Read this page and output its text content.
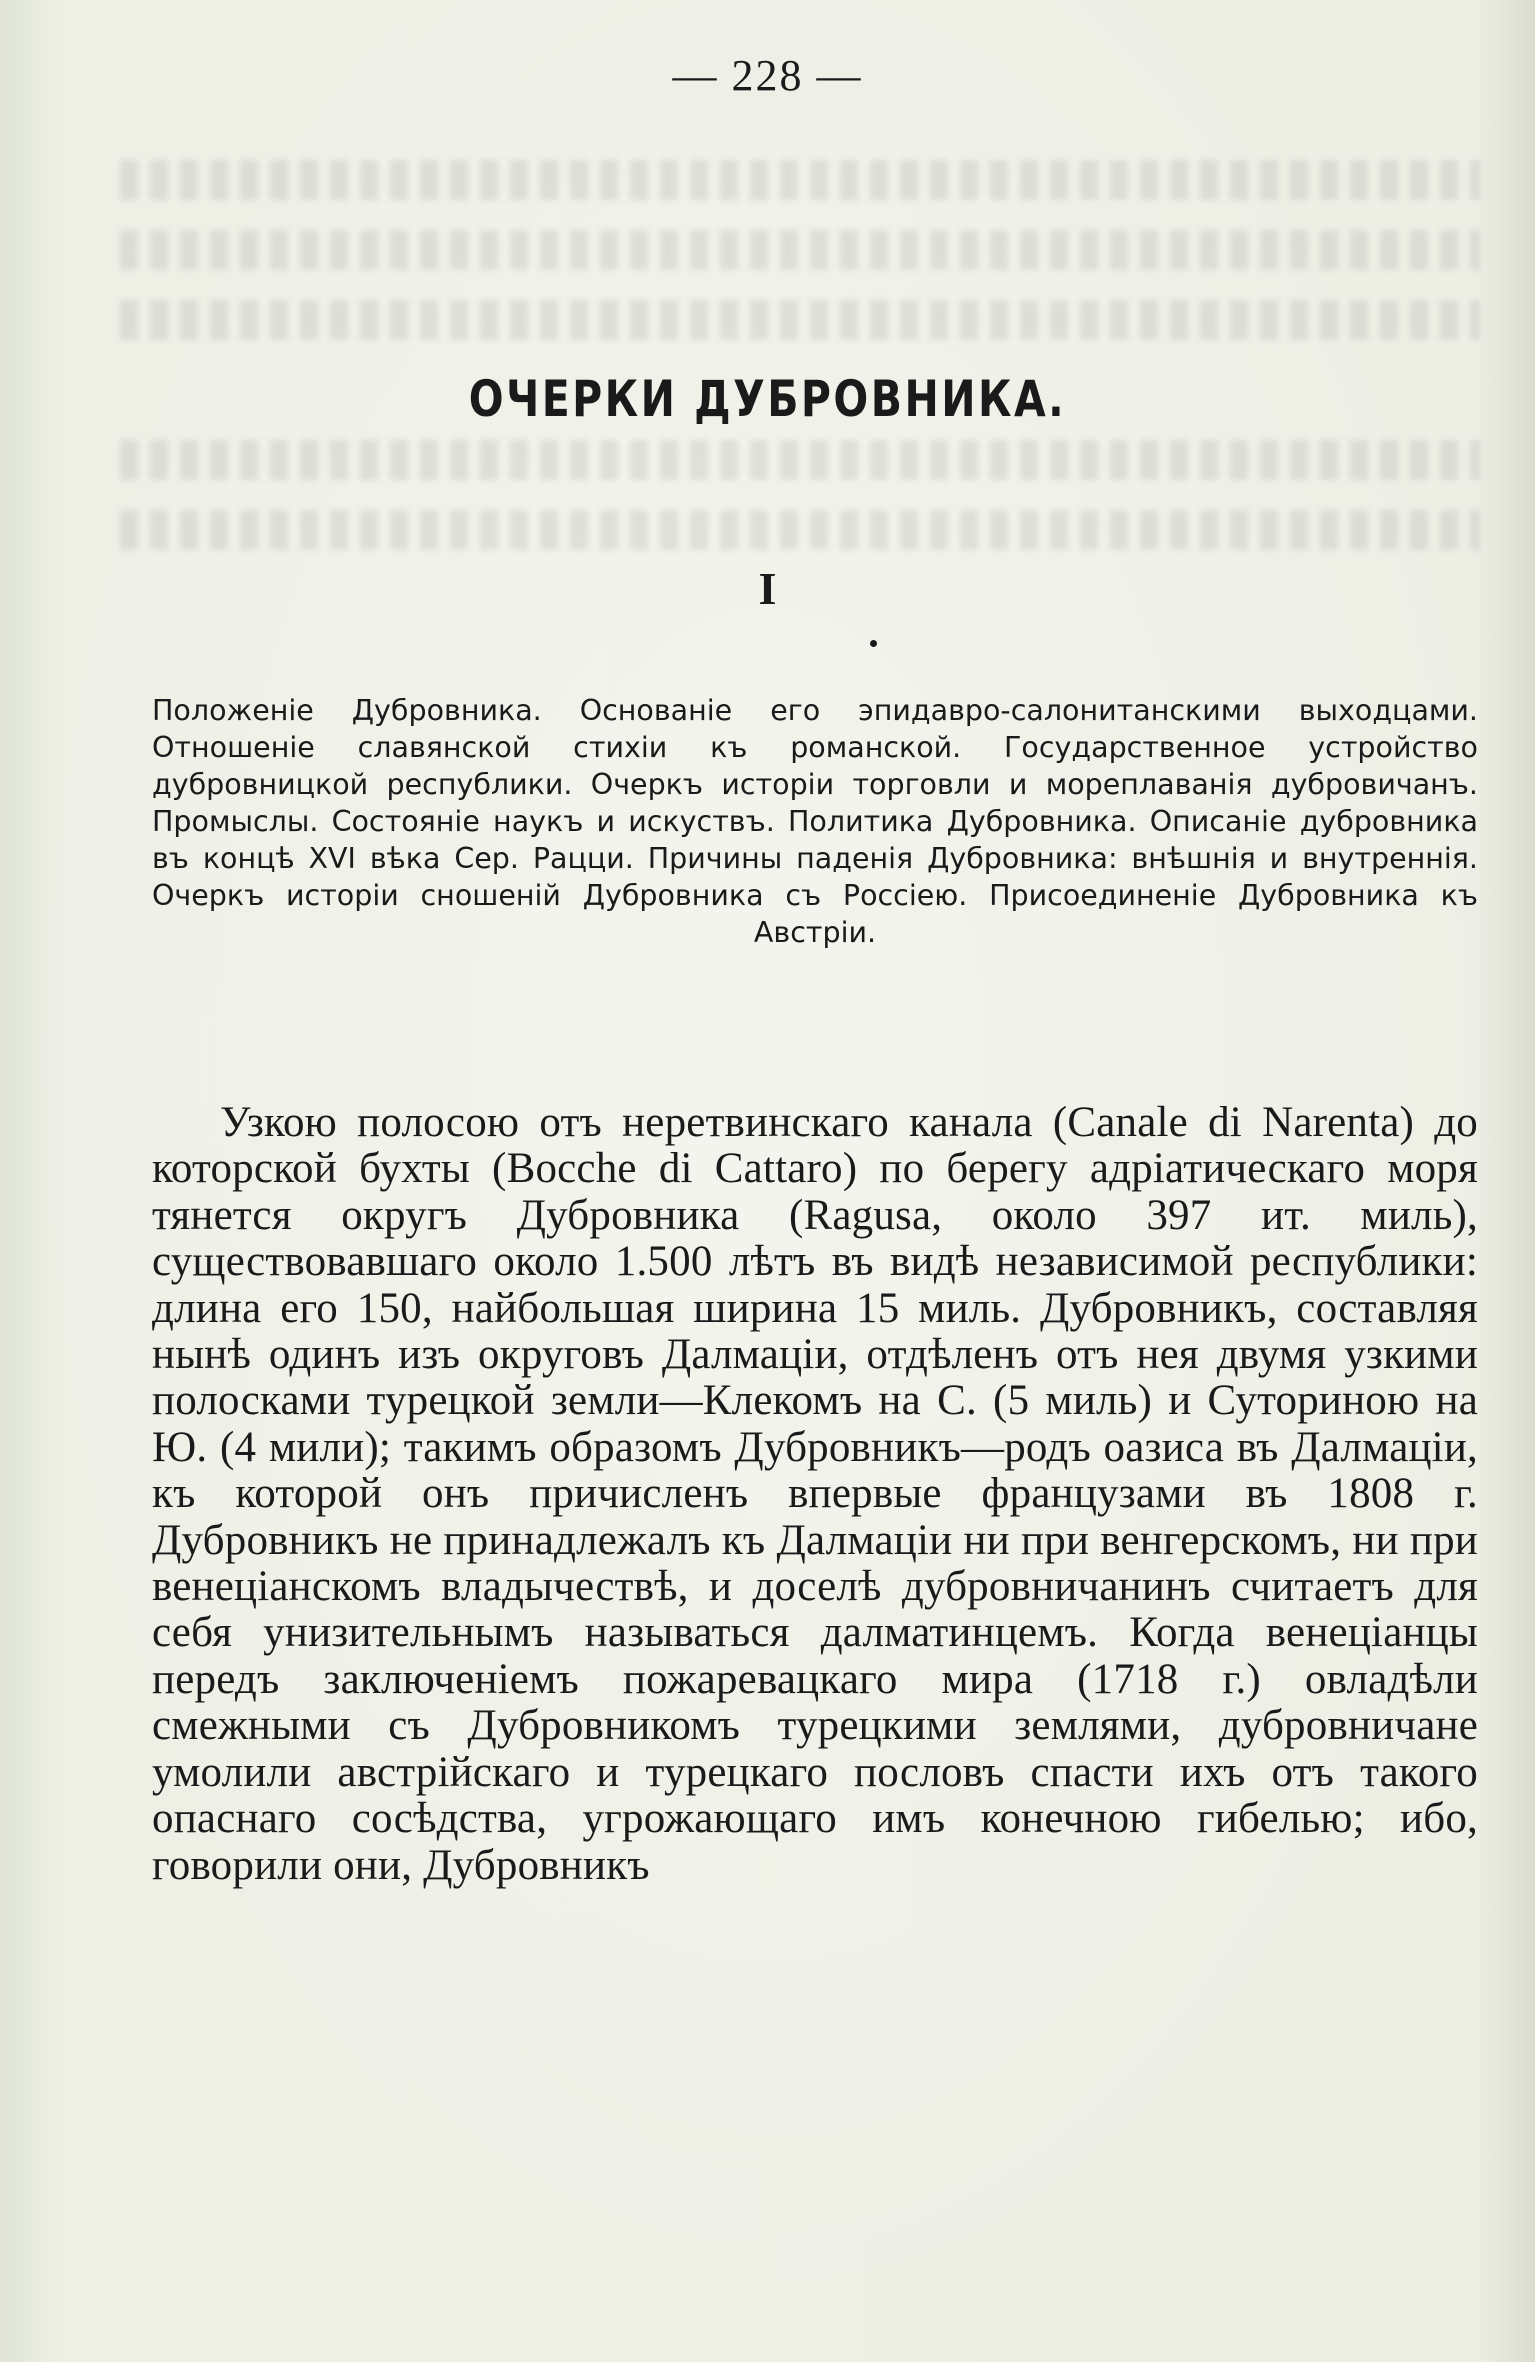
— 228 —
ОЧЕРКИ ДУБРОВНИКА.
I
Положеніе Дубровника. Основаніе его эпидавро-салонитанскими выходцами. Отношеніе славянской стихіи къ романской. Государственное устройство дубровницкой республики. Очеркъ исторіи торговли и мореплаванія дубровичанъ. Промыслы. Состояніе наукъ и искуствъ. Политика Дубровника. Описаніе дубровника въ концѣ XVI вѣка Сер. Рацци. Причины паденія Дубровника: внѣшнія и внутреннія. Очеркъ исторіи сношеній Дубровника съ Россіею. Присоединеніе Дубровника къ Австріи.
Узкою полосою отъ неретвинскаго канала (Canale di Narenta) до которской бухты (Bocche di Cattaro) по берегу адріатическаго моря тянется округъ Дубровника (Ragusa, около 397 ит. миль), существовавшаго около 1.500 лѣтъ въ видѣ независимой республики: длина его 150, найбольшая ширина 15 миль. Дубровникъ, составляя нынѣ одинъ изъ округовъ Далмаціи, отдѣленъ отъ нея двумя узкими полосками турецкой земли—Клекомъ на С. (5 миль) и Суториною на Ю. (4 мили); такимъ образомъ Дубровникъ—родъ оазиса въ Далмаціи, къ которой онъ причисленъ впервые французами въ 1808 г. Дубровникъ не принадлежалъ къ Далмаціи ни при венгерскомъ, ни при венеціанскомъ владычествѣ, и доселѣ дубровничанинъ считаетъ для себя унизительнымъ называться далматинцемъ. Когда венеціанцы передъ заключеніемъ пожаревацкаго мира (1718 г.) овладѣли смежными съ Дубровникомъ турецкими землями, дубровничане умолили австрійскаго и турецкаго пословъ спасти ихъ отъ такого опаснаго сосѣдства, угрожающаго имъ конечною гибелью; ибо, говорили они, Дубровникъ
